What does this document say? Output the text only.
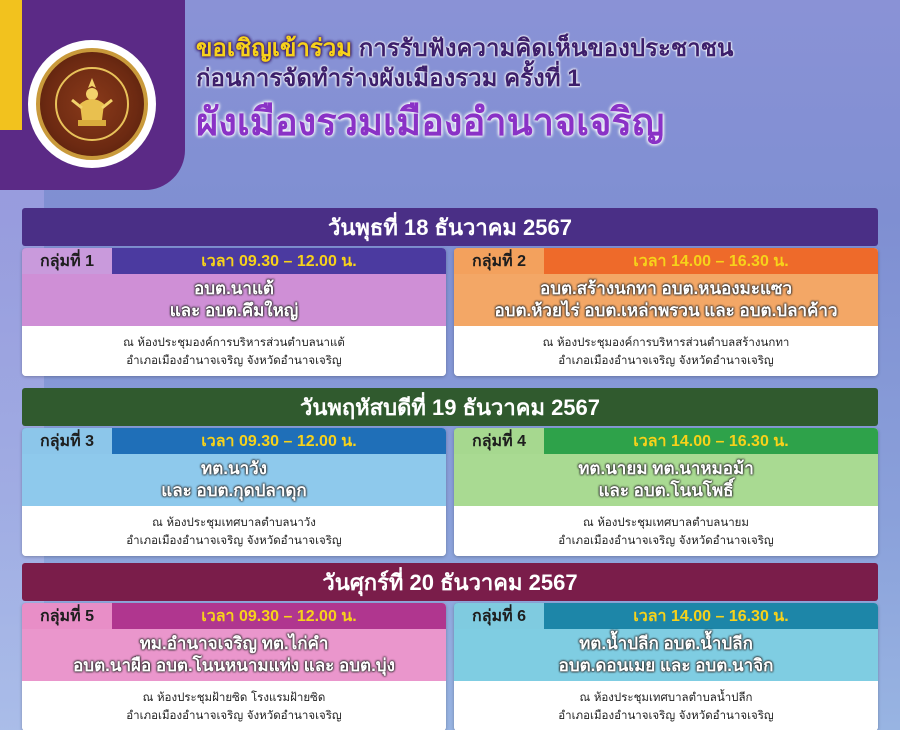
ขอเชิญเข้าร่วม การรับฟังความคิดเห็นของประชาชน
ก่อนการจัดทำร่างผังเมืองรวม ครั้งที่ 1
ผังเมืองรวมเมืองอำนาจเจริญ
วันพุธที่ 18 ธันวาคม 2567
กลุ่มที่ 1	เวลา 09.30 – 12.00 น.
อบต.นาแต้
และ อบต.คึมใหญ่
ณ ห้องประชุมองค์การบริหารส่วนตำบลนาแต้
อำเภอเมืองอำนาจเจริญ จังหวัดอำนาจเจริญ
กลุ่มที่ 2	เวลา 14.00 – 16.30 น.
อบต.สร้างนกทา อบต.หนองมะแซว
อบต.ห้วยไร่ อบต.เหล่าพรวน และ อบต.ปลาค้าว
ณ ห้องประชุมองค์การบริหารส่วนตำบลสร้างนกทา
อำเภอเมืองอำนาจเจริญ จังหวัดอำนาจเจริญ
วันพฤหัสบดีที่ 19 ธันวาคม 2567
กลุ่มที่ 3	เวลา 09.30 – 12.00 น.
ทต.นาวัง
และ อบต.กุดปลาดุก
ณ ห้องประชุมเทศบาลตำบลนาวัง
อำเภอเมืองอำนาจเจริญ จังหวัดอำนาจเจริญ
กลุ่มที่ 4	เวลา 14.00 – 16.30 น.
ทต.นายม ทต.นาหมอม้า
และ อบต.โนนโพธิ์
ณ ห้องประชุมเทศบาลตำบลนายม
อำเภอเมืองอำนาจเจริญ จังหวัดอำนาจเจริญ
วันศุกร์ที่ 20 ธันวาคม 2567
กลุ่มที่ 5	เวลา 09.30 – 12.00 น.
ทม.อำนาจเจริญ ทต.ไก่คำ
อบต.นาผือ อบต.โนนหนามแท่ง และ อบต.บุ่ง
ณ ห้องประชุมฝ้ายซิด โรงแรมฝ้ายซิด
อำเภอเมืองอำนาจเจริญ จังหวัดอำนาจเจริญ
กลุ่มที่ 6	เวลา 14.00 – 16.30 น.
ทต.น้ำปลีก อบต.น้ำปลีก
อบต.ดอนเมย และ อบต.นาจิก
ณ ห้องประชุมเทศบาลตำบลน้ำปลีก
อำเภอเมืองอำนาจเจริญ จังหวัดอำนาจเจริญ
